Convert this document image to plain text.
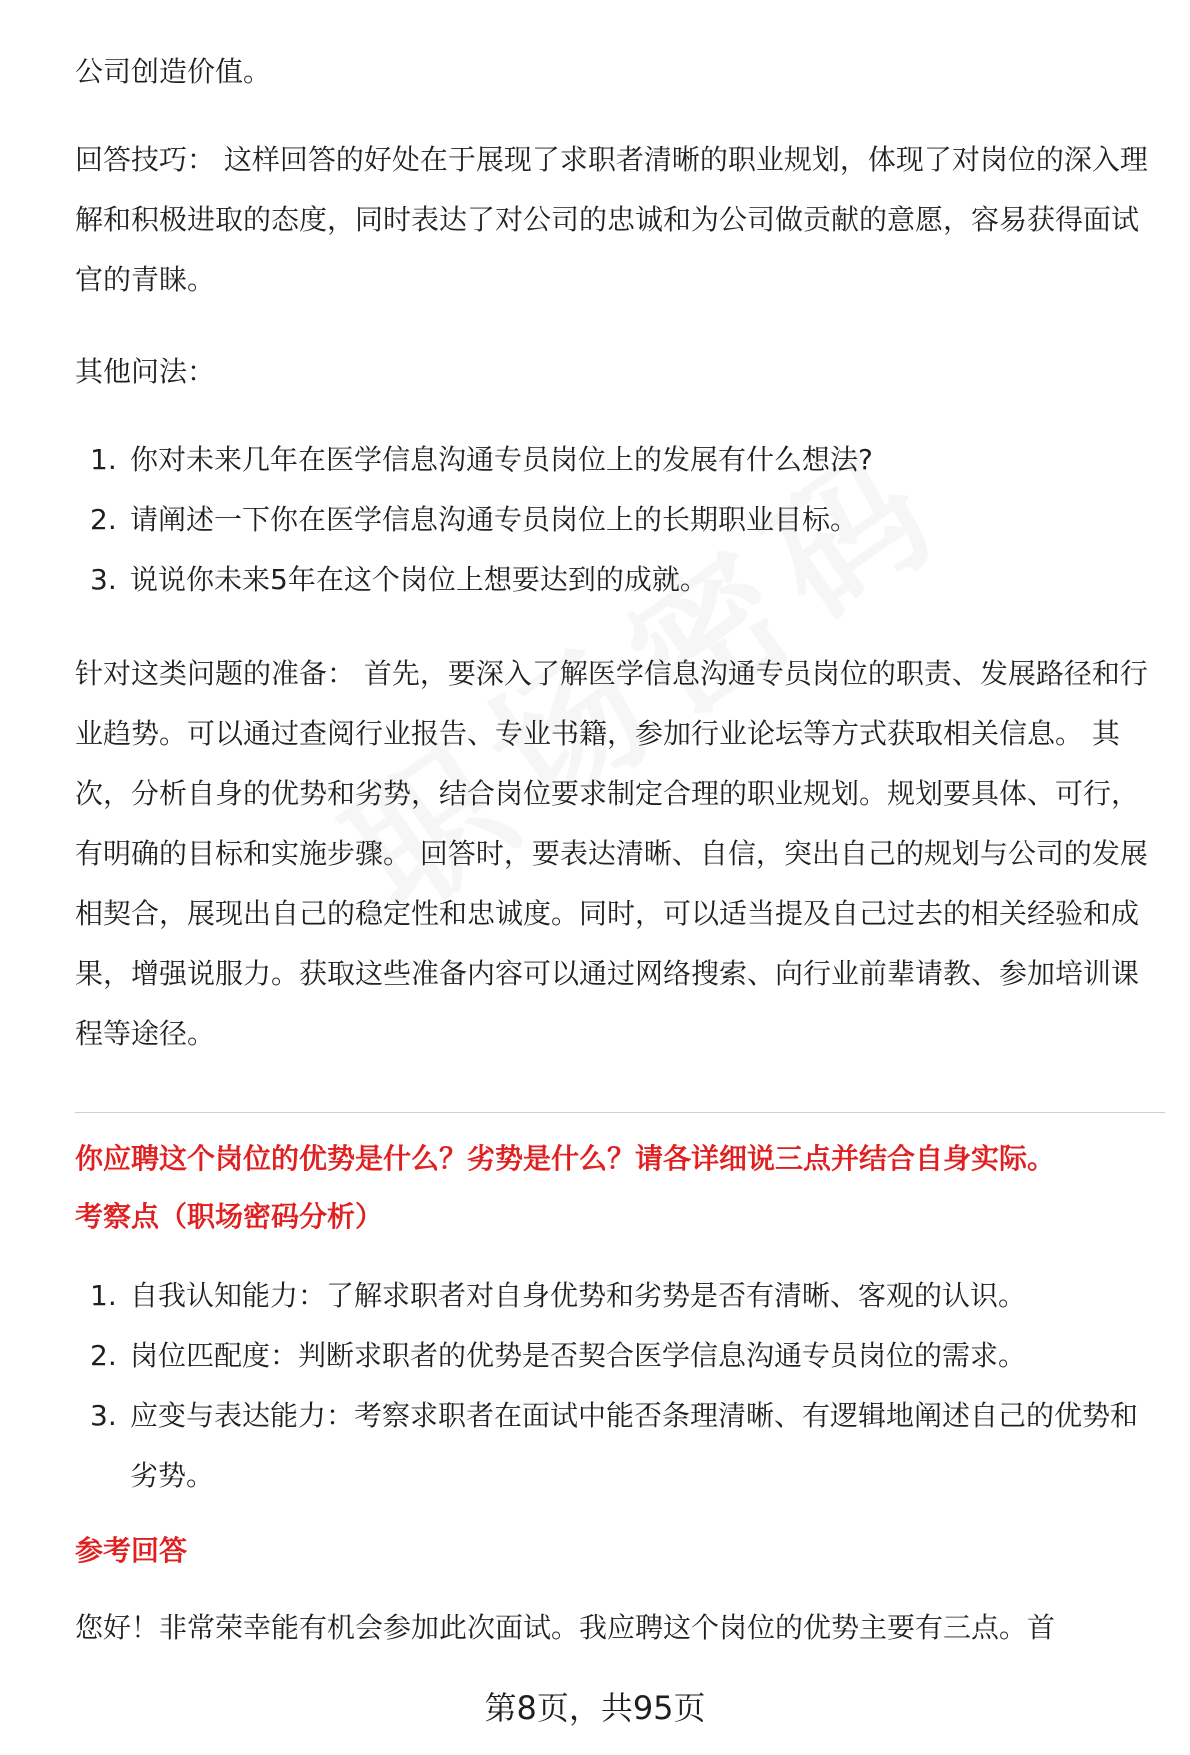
公司创造价值。

回答技巧： 这样回答的好处在于展现了求职者清晰的职业规划，体现了对岗位的深入理解和积极进取的态度，同时表达了对公司的忠诚和为公司做贡献的意愿，容易获得面试官的青睐。

其他问法：

1. 你对未来几年在医学信息沟通专员岗位上的发展有什么想法?
2. 请阐述一下你在医学信息沟通专员岗位上的长期职业目标。
3. 说说你未来5年在这个岗位上想要达到的成就。

针对这类问题的准备： 首先，要深入了解医学信息沟通专员岗位的职责、发展路径和行业趋势。可以通过查阅行业报告、专业书籍，参加行业论坛等方式获取相关信息。 其次，分析自身的优势和劣势，结合岗位要求制定合理的职业规划。规划要具体、可行，有明确的目标和实施步骤。 回答时，要表达清晰、自信，突出自己的规划与公司的发展相契合，展现出自己的稳定性和忠诚度。同时，可以适当提及自己过去的相关经验和成果，增强说服力。获取这些准备内容可以通过网络搜索、向行业前辈请教、参加培训课程等途径。

你应聘这个岗位的优势是什么？劣势是什么？请各详细说三点并结合自身实际。

考察点（职场密码分析）

1. 自我认知能力：了解求职者对自身优势和劣势是否有清晰、客观的认识。
2. 岗位匹配度：判断求职者的优势是否契合医学信息沟通专员岗位的需求。
3. 应变与表达能力：考察求职者在面试中能否条理清晰、有逻辑地阐述自己的优势和劣势。

参考回答

您好！非常荣幸能有机会参加此次面试。我应聘这个岗位的优势主要有三点。首

第8页，共95页
